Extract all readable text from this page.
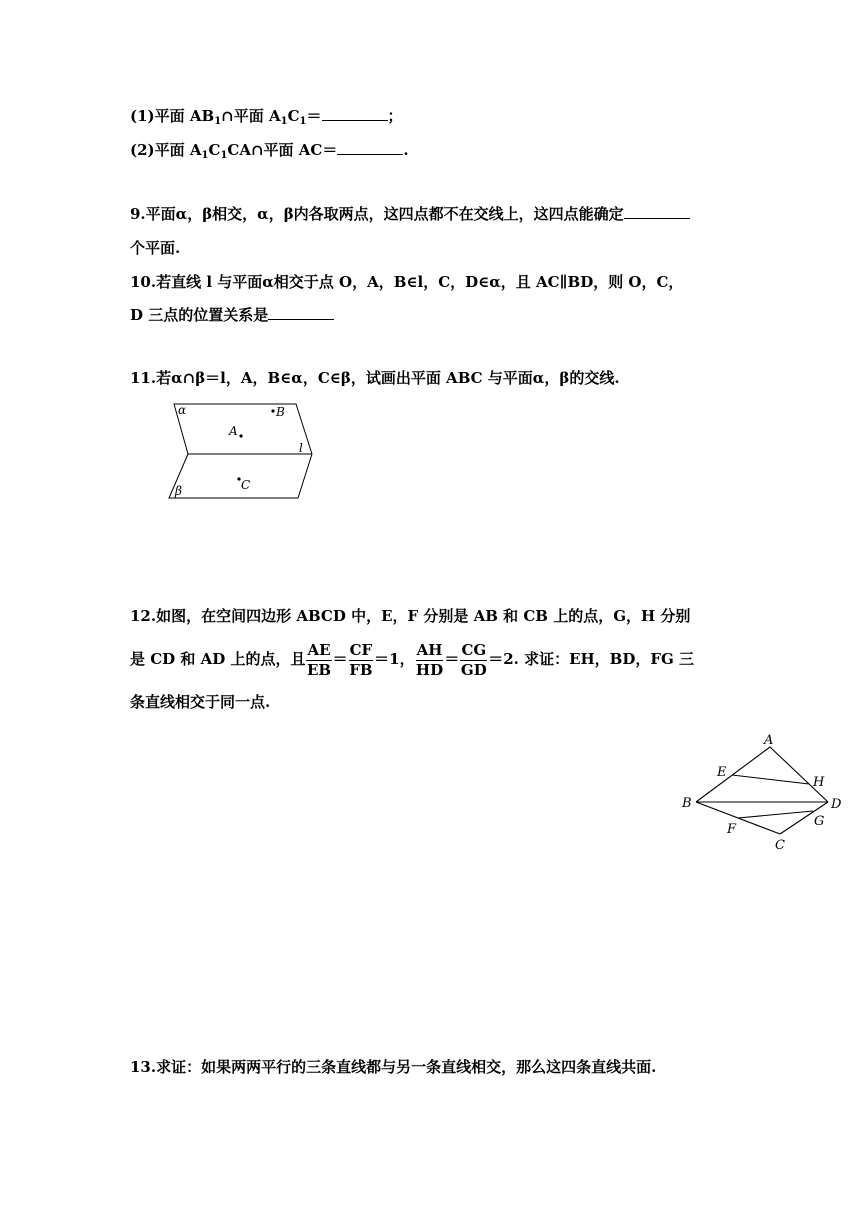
(1)平面 $AB_1\cap$平面 $A_1C_1=$	；
(2)平面 $A_1C_1CA\cap$平面 AC＝	.
9.平面α，β相交，α，β内各取两点，这四点都不在交线上，这四点能确定
个平面.
10.若直线 l 与平面α相交于点 O，A，B∈l，C，D∈α，且 AC∥BD，则 O，C，
D 三点的位置关系是
11.若α∩β＝l，A，B∈α，C∈β，试画出平面 ABC 与平面α，β的交线.
α	B
A
l
C
β
12.如图，在空间四边形 ABCD 中，E，F 分别是 AB 和 CB 上的点，G，H 分别
是 CD 和 AD 上的点，且 $\frac{AE}{EB} = \frac{CF}{FB} =1$， $\frac{AH}{HD} = \frac{CG}{GD} =2$. 求证：EH，BD，FG 三
条直线相交于同一点.
A
E
H
B	D
G
F
C
13.求证：如果两两平行的三条直线都与另一条直线相交，那么这四条直线共面.
